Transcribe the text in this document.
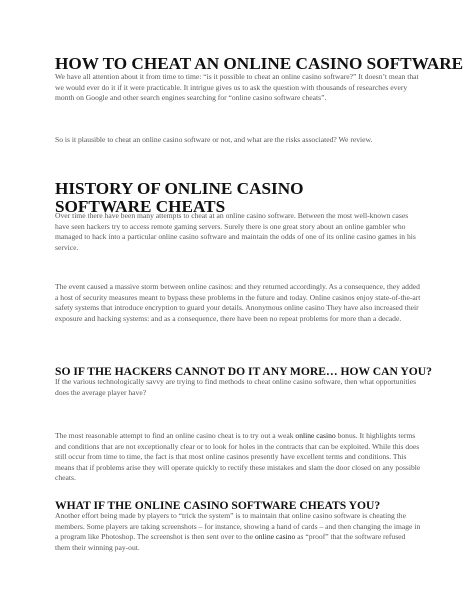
HOW TO CHEAT AN ONLINE CASINO SOFTWARE

We have all attention about it from time to time: “is it possible to cheat an online casino software?” It doesn’t mean that we would ever do it if it were practicable. It intrigue gives us to ask the question with thousands of researches every month on Google and other search engines searching for “online casino software cheats”.

So is it plausible to cheat an online casino software or not, and what are the risks associated? We review.

HISTORY OF ONLINE CASINO SOFTWARE CHEATS

Over time there have been many attempts to cheat at an online casino software. Between the most well-known cases have seen hackers try to access remote gaming servers. Surely there is one great story about an online gambler who managed to hack into a particular online casino software and maintain the odds of one of its online casino games in his service.

The event caused a massive storm between online casinos: and they returned accordingly. As a consequence, they added a host of security measures meant to bypass these problems in the future and today. Online casinos enjoy state-of-the-art safety systems that introduce encryption to guard your details. Anonymous online casino They have also increased their exposure and hacking systems: and as a consequence, there have been no repeat problems for more than a decade.

SO IF THE HACKERS CANNOT DO IT ANY MORE… HOW CAN YOU?

If the various technologically savvy are trying to find methods to cheat online casino software, then what opportunities does the average player have?

The most reasonable attempt to find an online casino cheat is to try out a weak online casino bonus. It highlights terms and conditions that are not exceptionally clear or to look for holes in the contracts that can be exploited. While this does still occur from time to time, the fact is that most online casinos presently have excellent terms and conditions. This means that if problems arise they will operate quickly to rectify these mistakes and slam the door closed on any possible cheats.

WHAT IF THE ONLINE CASINO SOFTWARE CHEATS YOU?

Another effort being made by players to “trick the system” is to maintain that online casino software is cheating the members. Some players are taking screenshots – for instance, showing a hand of cards – and then changing the image in a program like Photoshop. The screenshot is then sent over to the online casino as “proof” that the software refused them their winning pay-out.
